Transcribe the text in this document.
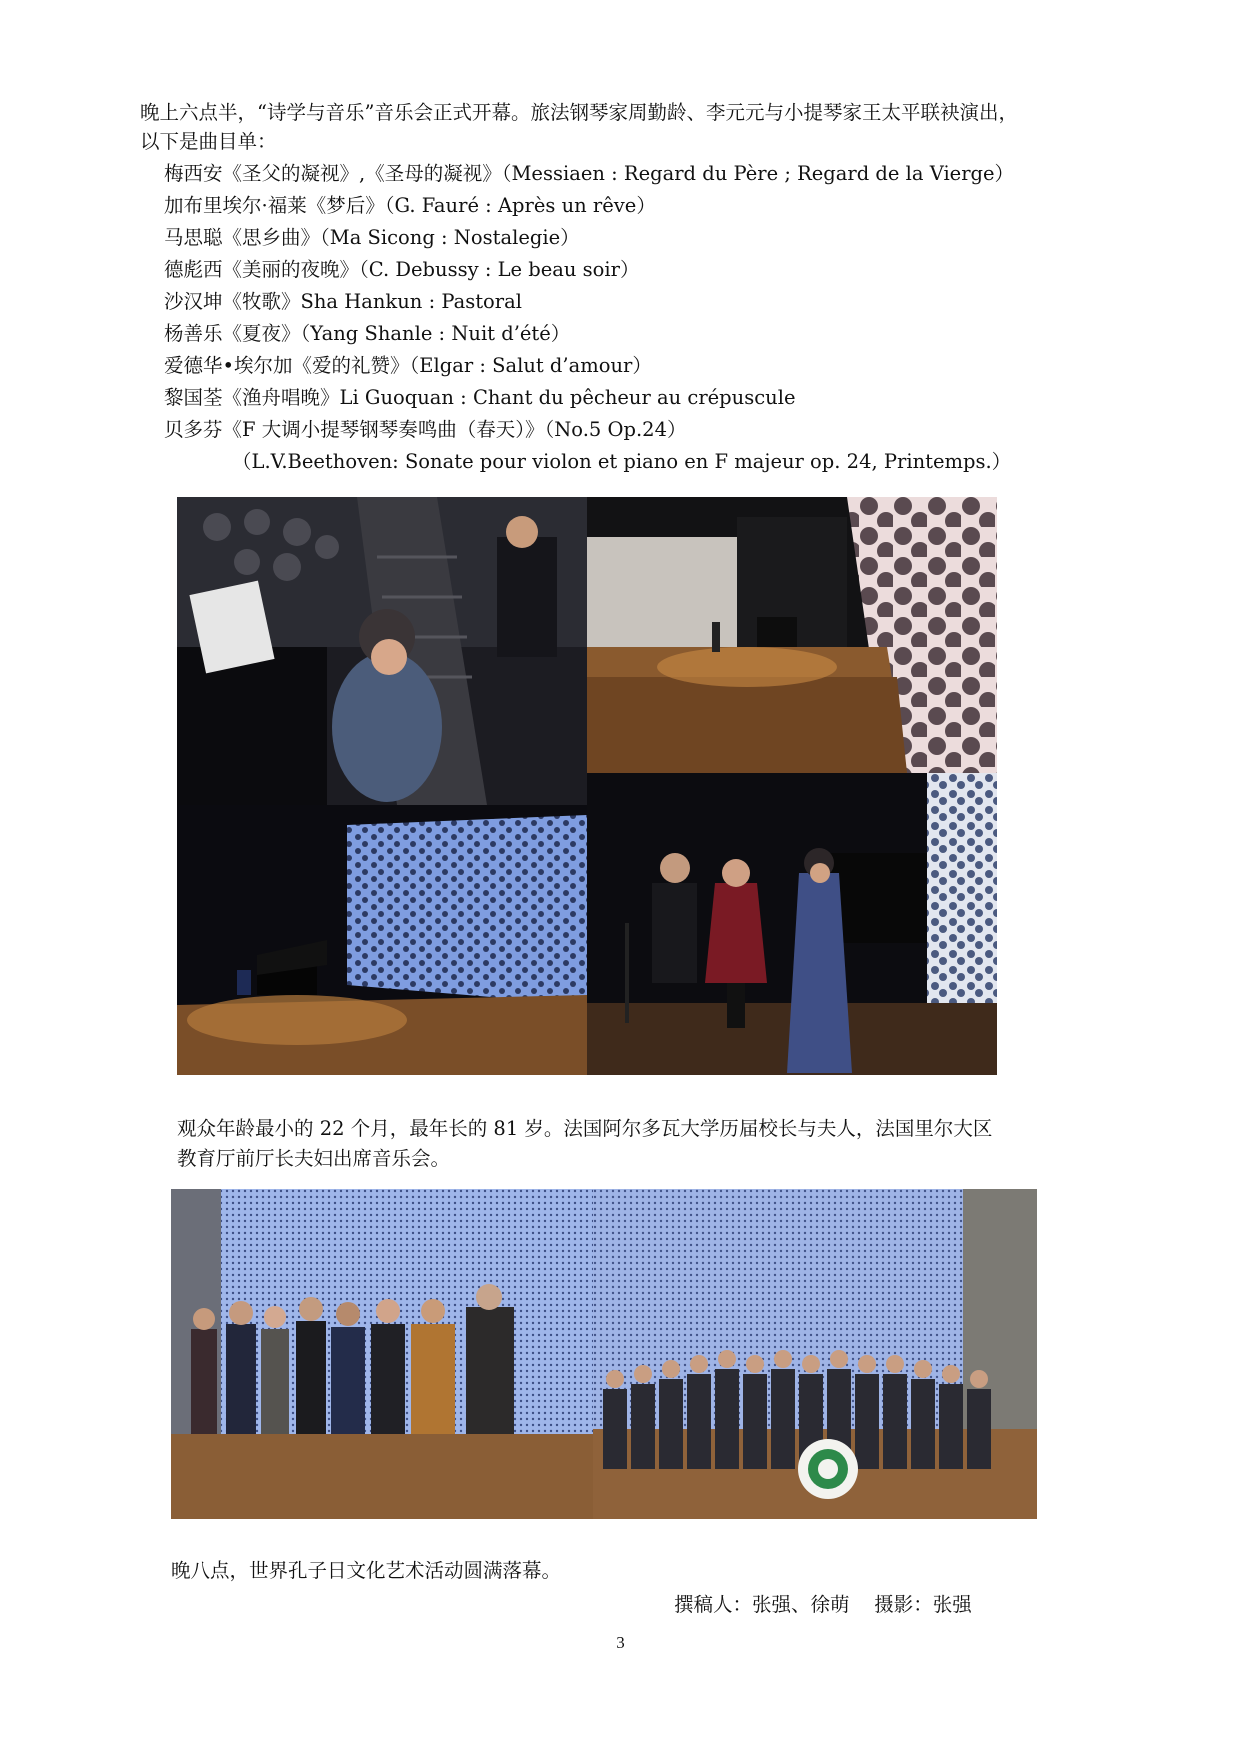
晚上六点半，“诗学与音乐”音乐会正式开幕。旅法钢琴家周勤龄、李元元与小提琴家王太平联袂演出，
以下是曲目单：
梅西安《圣父的凝视》,《圣母的凝视》（Messiaen : Regard du Père ; Regard de la Vierge）
加布里埃尔·福莱《梦后》（G. Fauré : Après un rêve）
马思聪《思乡曲》（Ma Sicong : Nostalegie）
德彪西《美丽的夜晚》（C. Debussy : Le beau soir）
沙汉坤《牧歌》Sha Hankun : Pastoral
杨善乐《夏夜》（Yang Shanle : Nuit d’été）
爱德华•埃尔加《爱的礼赞》（Elgar : Salut d’amour）
黎国荃《渔舟唱晚》Li Guoquan : Chant du pêcheur au crépuscule
贝多芬《F 大调小提琴钢琴奏鸣曲（春天）》（No.5 Op.24）
（L.V.Beethoven: Sonate pour violon et piano en F majeur op. 24, Printemps.）
观众年龄最小的 22 个月，最年长的 81 岁。法国阿尔多瓦大学历届校长与夫人，法国里尔大区
教育厅前厅长夫妇出席音乐会。
晚八点，世界孔子日文化艺术活动圆满落幕。
撰稿人：张强、徐萌    摄影：张强
3
